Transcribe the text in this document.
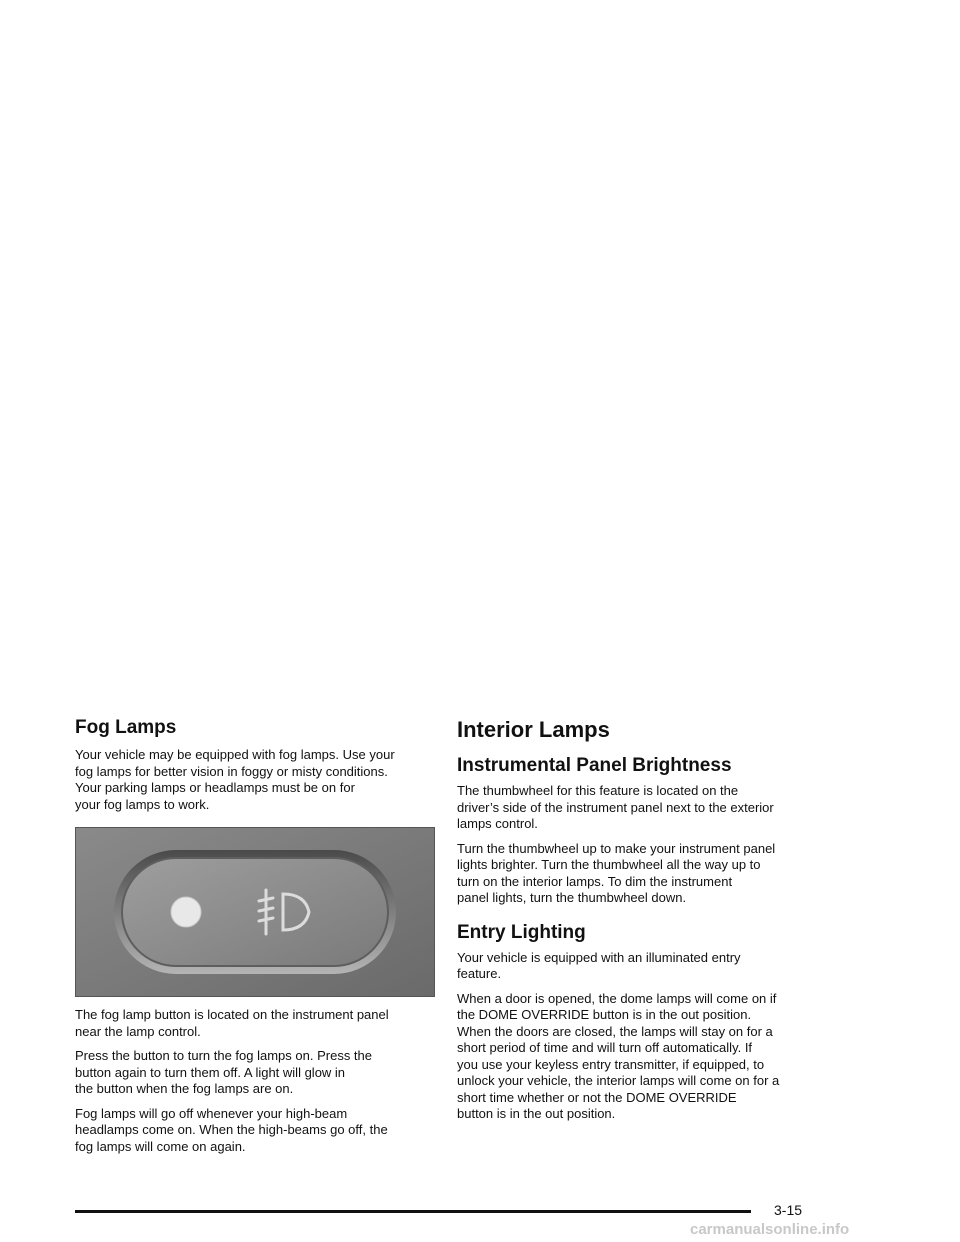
Fog Lamps

Your vehicle may be equipped with fog lamps. Use your
fog lamps for better vision in foggy or misty conditions.
Your parking lamps or headlamps must be on for
your fog lamps to work.

The fog lamp button is located on the instrument panel
near the lamp control.

Press the button to turn the fog lamps on. Press the
button again to turn them off. A light will glow in
the button when the fog lamps are on.

Fog lamps will go off whenever your high-beam
headlamps come on. When the high-beams go off, the
fog lamps will come on again.

Interior Lamps
Instrumental Panel Brightness

The thumbwheel for this feature is located on the
driver’s side of the instrument panel next to the exterior
lamps control.

Turn the thumbwheel up to make your instrument panel
lights brighter. Turn the thumbwheel all the way up to
turn on the interior lamps. To dim the instrument
panel lights, turn the thumbwheel down.

Entry Lighting

Your vehicle is equipped with an illuminated entry
feature.

When a door is opened, the dome lamps will come on if
the DOME OVERRIDE button is in the out position.
When the doors are closed, the lamps will stay on for a
short period of time and will turn off automatically. If
you use your keyless entry transmitter, if equipped, to
unlock your vehicle, the interior lamps will come on for a
short time whether or not the DOME OVERRIDE
button is in the out position.

3-15
carmanualsonline.info
